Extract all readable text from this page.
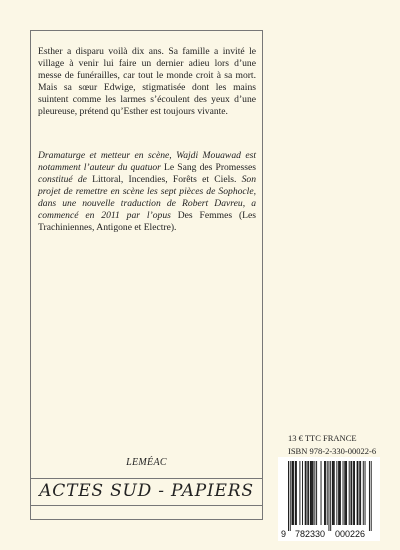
Esther a disparu voilà dix ans. Sa famille a invité le village à venir lui faire un dernier adieu lors d’une messe de funérailles, car tout le monde croit à sa mort. Mais sa sœur Edwige, stigmatisée dont les mains suintent comme les larmes s’écoulent des yeux d’une pleureuse, prétend qu’Esther est toujours vivante.

Dramaturge et metteur en scène, Wajdi Mouawad est notamment l’auteur du quatuor Le Sang des Promesses constitué de Littoral, Incendies, Forêts et Ciels. Son projet de remettre en scène les sept pièces de Sophocle, dans une nouvelle traduction de Robert Davreu, a commencé en 2011 par l’opus Des Femmes (Les Trachiniennes, Antigone et Electre).

LEMÉAC
ACTES SUD - PAPIERS
13 € TTC FRANCE
ISBN 978-2-330-00022-6
9 782330 000226
